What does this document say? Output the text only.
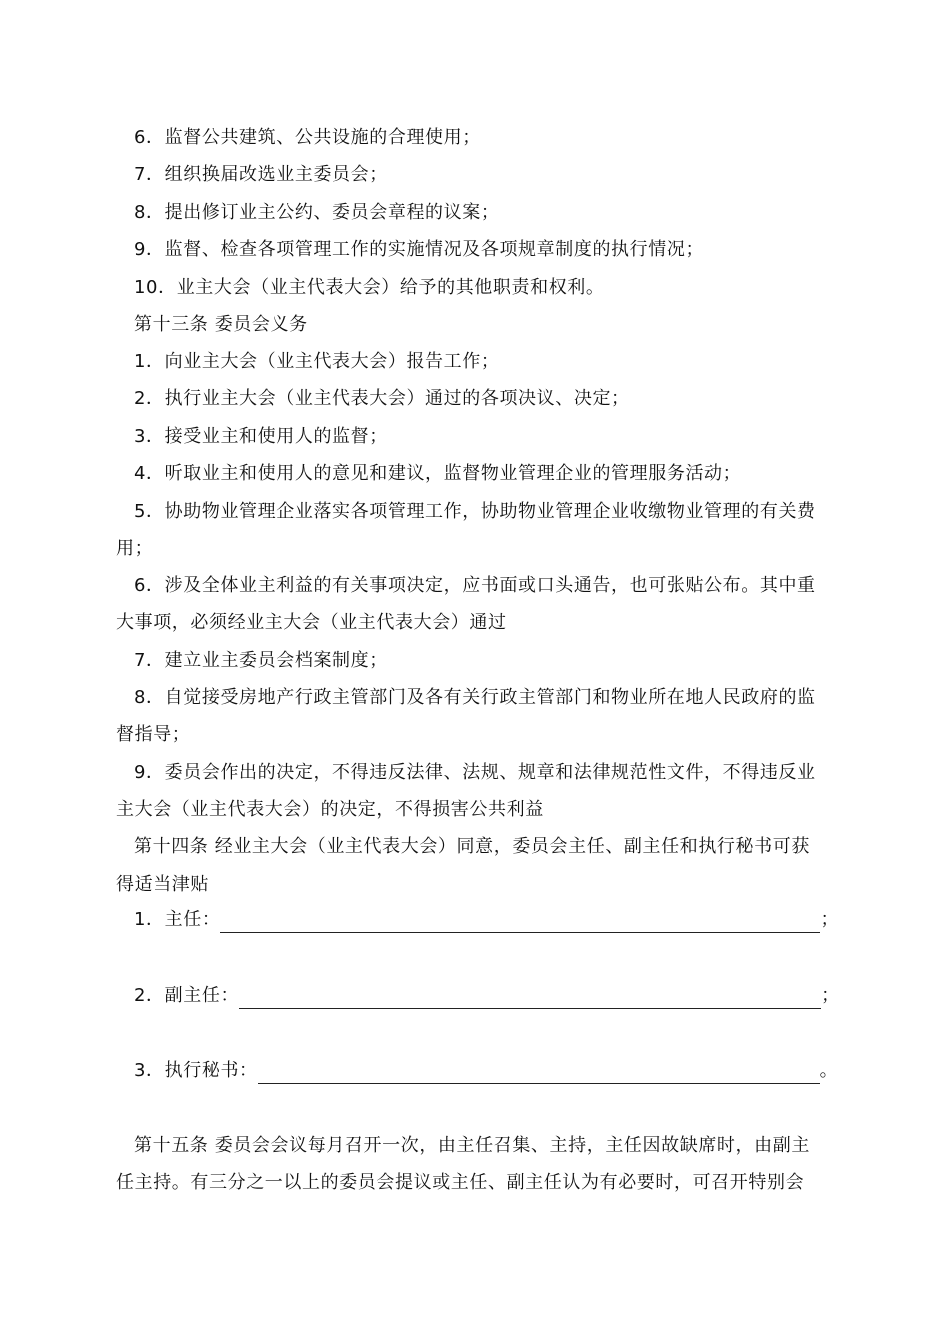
6．监督公共建筑、公共设施的合理使用；
7．组织换届改选业主委员会；
8．提出修订业主公约、委员会章程的议案；
9．监督、检查各项管理工作的实施情况及各项规章制度的执行情况；
10．业主大会（业主代表大会）给予的其他职责和权利。
第十三条 委员会义务
1．向业主大会（业主代表大会）报告工作；
2．执行业主大会（业主代表大会）通过的各项决议、决定；
3．接受业主和使用人的监督；
4．听取业主和使用人的意见和建议，监督物业管理企业的管理服务活动；
5．协助物业管理企业落实各项管理工作，协助物业管理企业收缴物业管理的有关费
用；
6．涉及全体业主利益的有关事项决定，应书面或口头通告，也可张贴公布。其中重
大事项，必须经业主大会（业主代表大会）通过
7．建立业主委员会档案制度；
8．自觉接受房地产行政主管部门及各有关行政主管部门和物业所在地人民政府的监
督指导；
9．委员会作出的决定，不得违反法律、法规、规章和法律规范性文件，不得违反业
主大会（业主代表大会）的决定，不得损害公共利益
第十四条 经业主大会（业主代表大会）同意，委员会主任、副主任和执行秘书可获
得适当津贴
1．主任：	；
2．副主任：	；
3．执行秘书：	。
第十五条 委员会会议每月召开一次，由主任召集、主持，主任因故缺席时，由副主
任主持。有三分之一以上的委员会提议或主任、副主任认为有必要时，可召开特别会
